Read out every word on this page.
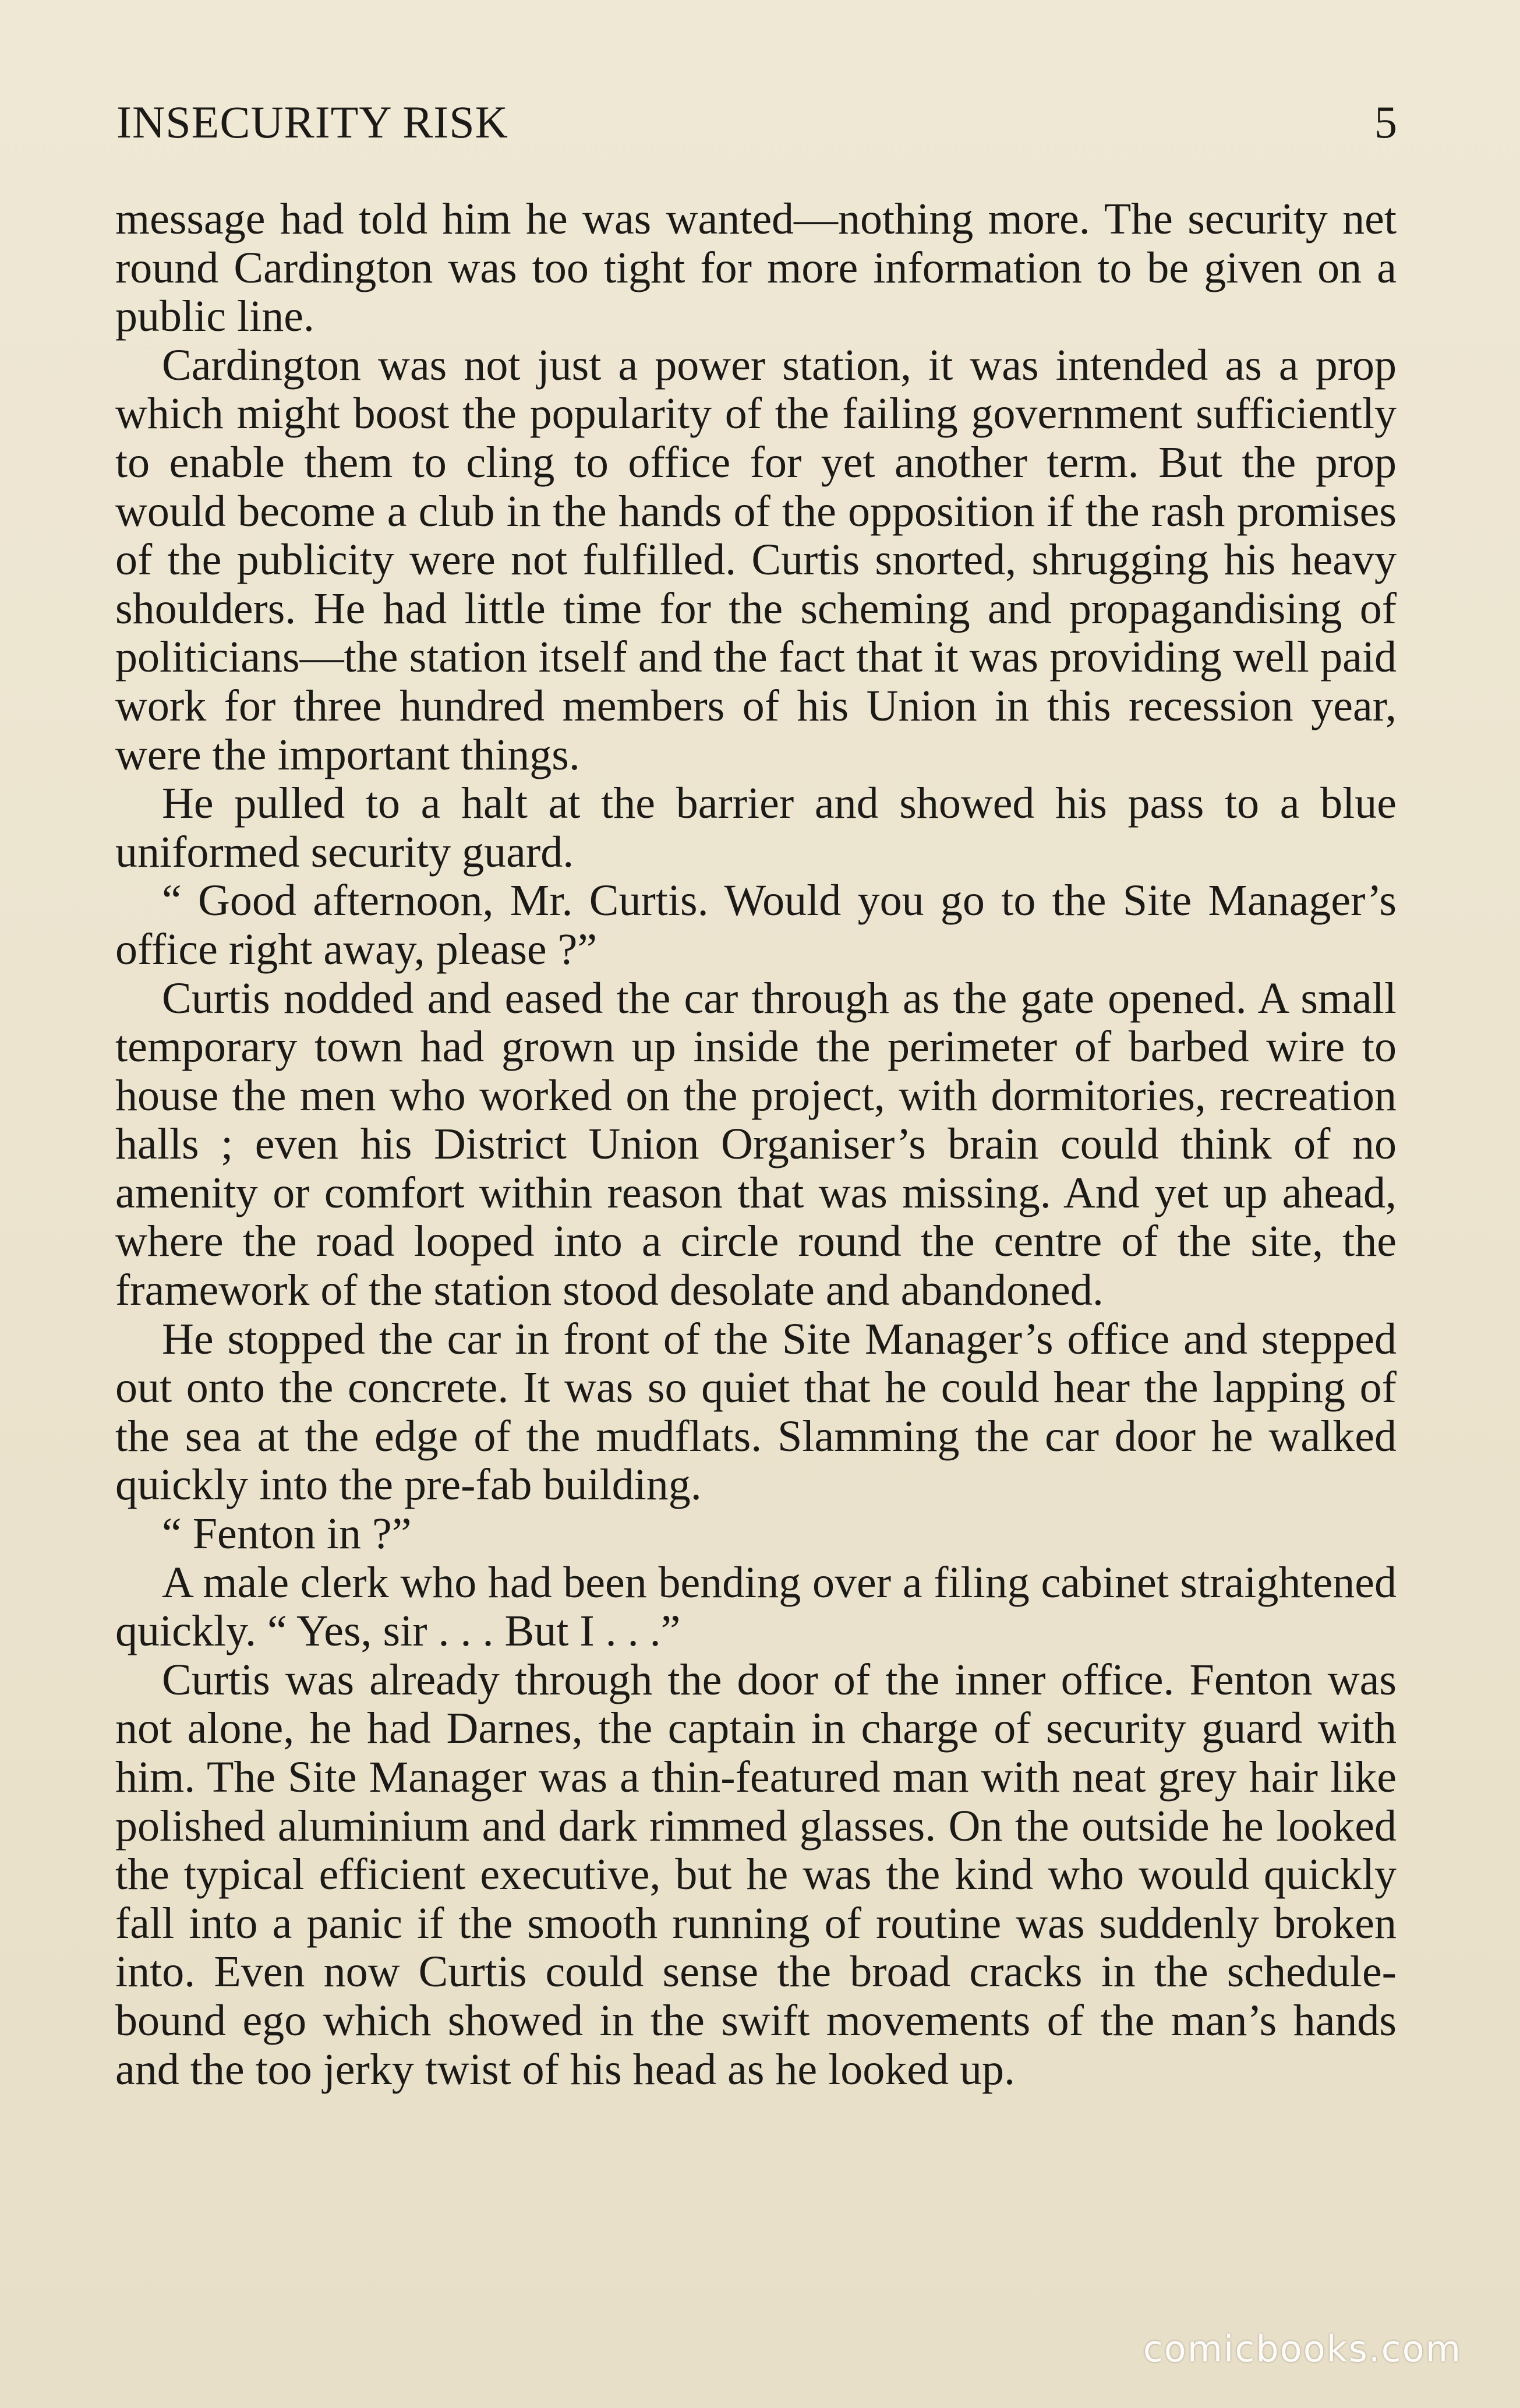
INSECURITY RISK	5

message had told him he was wanted—nothing more. The security net round Cardington was too tight for more information to be given on a public line.

Cardington was not just a power station, it was intended as a prop which might boost the popularity of the failing government sufficiently to enable them to cling to office for yet another term. But the prop would become a club in the hands of the opposition if the rash promises of the publicity were not fulfilled. Curtis snorted, shrugging his heavy shoulders. He had little time for the scheming and propagandising of politicians—the station itself and the fact that it was providing well paid work for three hundred members of his Union in this recession year, were the important things.

He pulled to a halt at the barrier and showed his pass to a blue uniformed security guard.

“ Good afternoon, Mr. Curtis. Would you go to the Site Manager’s office right away, please ?”

Curtis nodded and eased the car through as the gate opened. A small temporary town had grown up inside the perimeter of barbed wire to house the men who worked on the project, with dormitories, recreation halls ; even his District Union Organiser’s brain could think of no amenity or comfort within reason that was missing. And yet up ahead, where the road looped into a circle round the centre of the site, the framework of the station stood desolate and abandoned.

He stopped the car in front of the Site Manager’s office and stepped out onto the concrete. It was so quiet that he could hear the lapping of the sea at the edge of the mudflats. Slamming the car door he walked quickly into the pre-fab building.

“ Fenton in ?”

A male clerk who had been bending over a filing cabinet straightened quickly. “ Yes, sir . . . But I . . .”

Curtis was already through the door of the inner office. Fenton was not alone, he had Darnes, the captain in charge of security guard with him. The Site Manager was a thin-featured man with neat grey hair like polished aluminium and dark rimmed glasses. On the outside he looked the typical efficient executive, but he was the kind who would quickly fall into a panic if the smooth running of routine was suddenly broken into. Even now Curtis could sense the broad cracks in the schedule-bound ego which showed in the swift movements of the man’s hands and the too jerky twist of his head as he looked up.

comicbooks.com
